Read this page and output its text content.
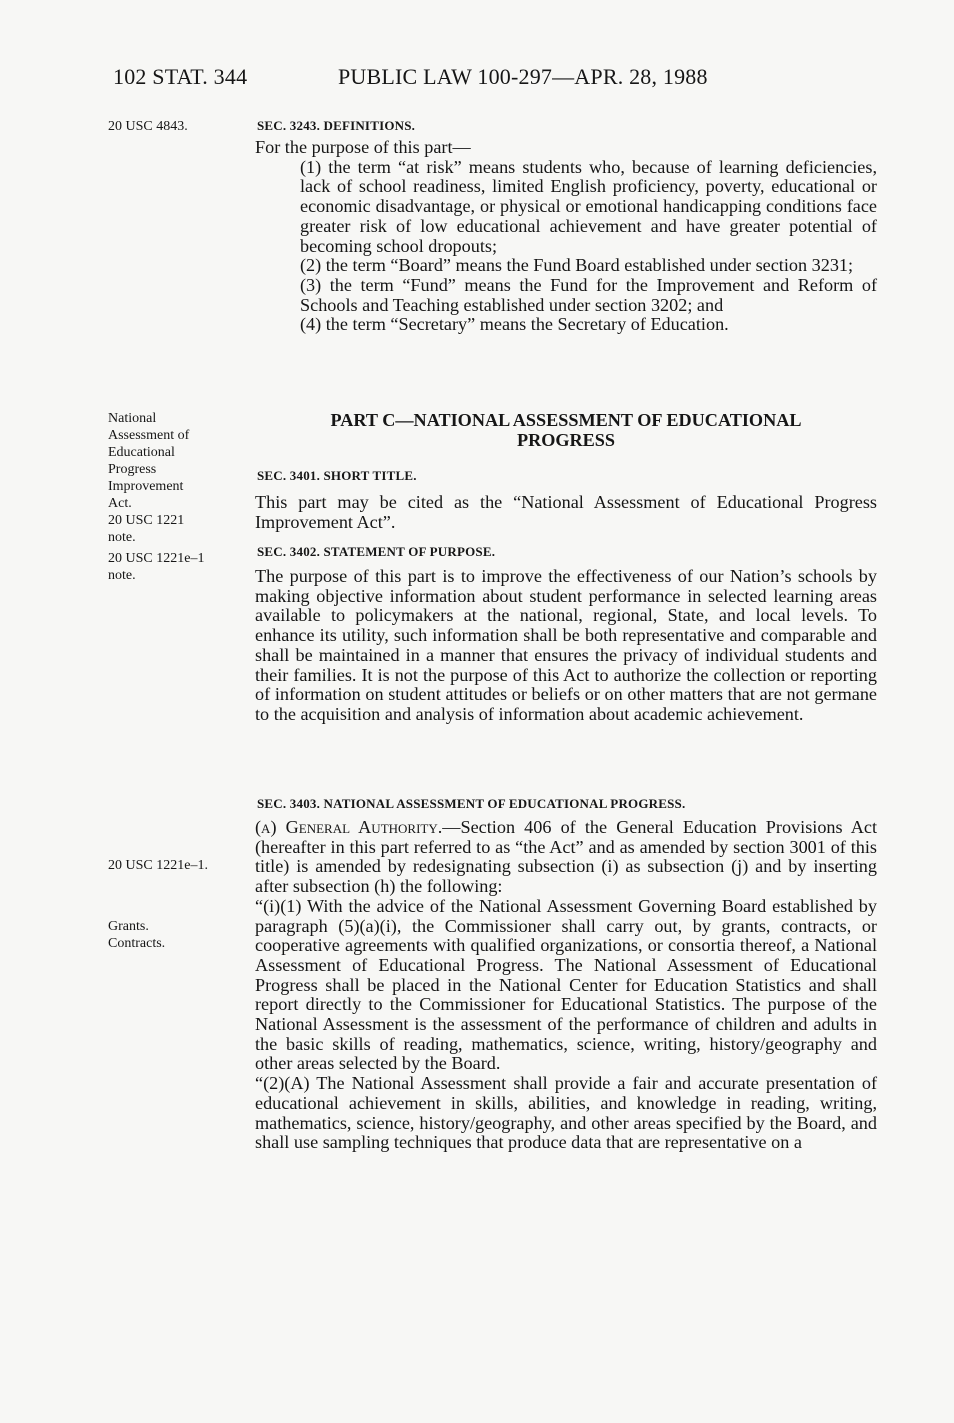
102 STAT. 344	PUBLIC LAW 100-297—APR. 28, 1988
20 USC 4843.
National
Assessment of
Educational
Progress
Improvement
Act.
20 USC 1221
note.
20 USC 1221e–1
note.
20 USC 1221e–1.
Grants.
Contracts.
SEC. 3243. DEFINITIONS.

For the purpose of this part—

(1) the term “at risk” means students who, because of learning deficiencies, lack of school readiness, limited English proficiency, poverty, educational or economic disadvantage, or physical or emotional handicapping conditions face greater risk of low educational achievement and have greater potential of becoming school dropouts;

(2) the term “Board” means the Fund Board established under section 3231;

(3) the term “Fund” means the Fund for the Improvement and Reform of Schools and Teaching established under section 3202; and

(4) the term “Secretary” means the Secretary of Education.

PART C—NATIONAL ASSESSMENT OF EDUCATIONAL
PROGRESS
SEC. 3401. SHORT TITLE.

This part may be cited as the “National Assessment of Educational Progress Improvement Act”.

SEC. 3402. STATEMENT OF PURPOSE.

The purpose of this part is to improve the effectiveness of our Nation’s schools by making objective information about student performance in selected learning areas available to policymakers at the national, regional, State, and local levels. To enhance its utility, such information shall be both representative and comparable and shall be maintained in a manner that ensures the privacy of individual students and their families. It is not the purpose of this Act to authorize the collection or reporting of information on student attitudes or beliefs or on other matters that are not germane to the acquisition and analysis of information about academic achievement.

SEC. 3403. NATIONAL ASSESSMENT OF EDUCATIONAL PROGRESS.

(a) General Authority.—Section 406 of the General Education Provisions Act (hereafter in this part referred to as “the Act” and as amended by section 3001 of this title) is amended by redesignating subsection (i) as subsection (j) and by inserting after subsection (h) the following:

“(i)(1) With the advice of the National Assessment Governing Board established by paragraph (5)(a)(i), the Commissioner shall carry out, by grants, contracts, or cooperative agreements with qualified organizations, or consortia thereof, a National Assessment of Educational Progress. The National Assessment of Educational Progress shall be placed in the National Center for Education Statistics and shall report directly to the Commissioner for Educational Statistics. The purpose of the National Assessment is the assessment of the performance of children and adults in the basic skills of reading, mathematics, science, writing, history/geography and other areas selected by the Board.

“(2)(A) The National Assessment shall provide a fair and accurate presentation of educational achievement in skills, abilities, and knowledge in reading, writing, mathematics, science, history/geography, and other areas specified by the Board, and shall use sampling techniques that produce data that are representative on a
